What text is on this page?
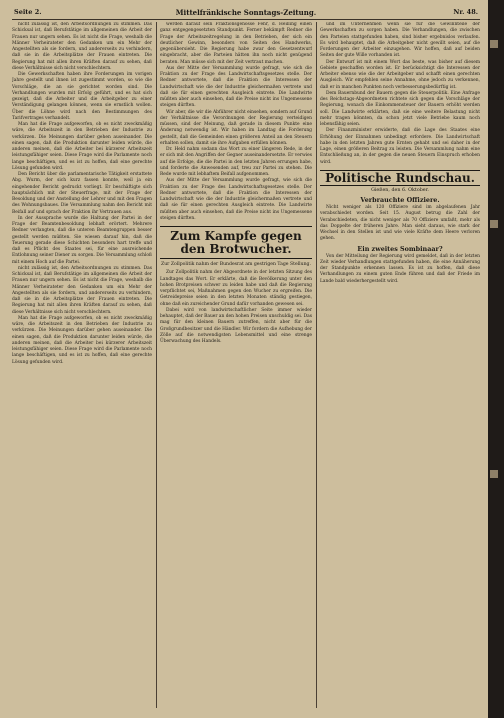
Seite 2.	Mittelfränkische Sonntags-Zeitung.	Nr. 48.

nicht zulässig ist, den Arbeitsordnungen zu stimmen. Das Schicksal ist, daß Berufstätige im allgemeinen die Arbeit der Frauen nur ungern sehen. Es ist nicht die Frage, weshalb die Männer Verheirateter den Gedanken um ein Mehr der Angestellten als sie fordern, und andererseits zu verhindern, daß sie in die Arbeitsplätze der Frauen eintreten. Die Regierung hat mit allen ihren Kräften darauf zu sehen, daß diese Verhältnisse sich nicht verschlechtern.

Die Gewerkschaften haben ihre Forderungen im vorigen Jahre gestellt und ihnen ist zugestimmt worden, so wie die Vorschläge, die an sie gerichtet worden sind. Die Verhandlungen wurden mit Erfolg geführt, und es hat sich gezeigt, daß die Arbeiter und die Arbeitgeber zu einer Verständigung gelangen können, wenn sie ernstlich wollen. Über die Löhne wird nach den Bestimmungen des Tarifvertrages verhandelt.

Man hat die Frage aufgeworfen, ob es nicht zweckmäßig wäre, die Arbeitszeit in den Betrieben der Industrie zu verkürzen. Die Meinungen darüber gehen auseinander. Die einen sagen, daß die Produktion darunter leiden würde, die anderen meinen, daß die Arbeiter bei kürzerer Arbeitszeit leistungsfähiger seien. Diese Frage wird die Parlamente noch lange beschäftigen, und es ist zu hoffen, daß eine gerechte Lösung gefunden wird.

Den Bericht über die parlamentarische Tätigkeit erstattete Abg. Wurm, der sich kurz fassen konnte, weil ja ein eingehender Bericht gedruckt vorliegt. Er beschäftigte sich hauptsächlich mit der Steuerfrage, mit der Frage der Besoldung und der Anstellung der Lehrer und mit den Fragen des Wohnungsbaues. Die Versammlung nahm den Bericht mit Beifall auf und sprach der Fraktion ihr Vertrauen aus.

In der Aussprache wurde die Haltung der Partei in der Frage der Beamtenbesoldung lebhaft erörtert. Mehrere Redner verlangten, daß die unteren Beamtengruppen besser gestellt werden müßten. Sie wiesen darauf hin, daß die Teuerung gerade diese Schichten besonders hart treffe und daß es Pflicht des Staates sei, für eine ausreichende Entlohnung seiner Diener zu sorgen. Die Versammlung schloß mit einem Hoch auf die Partei.

nicht zulässig ist, den Arbeitsordnungen zu stimmen. Das Schicksal ist, daß Berufstätige im allgemeinen die Arbeit der Frauen nur ungern sehen. Es ist nicht die Frage, weshalb die Männer Verheirateter den Gedanken um ein Mehr der Angestellten als sie fordern, und andererseits zu verhindern, daß sie in die Arbeitsplätze der Frauen eintreten. Die Regierung hat mit allen ihren Kräften darauf zu sehen, daß diese Verhältnisse sich nicht verschlechtern.

Man hat die Frage aufgeworfen, ob es nicht zweckmäßig wäre, die Arbeitszeit in den Betrieben der Industrie zu verkürzen. Die Meinungen darüber gehen auseinander. Die einen sagen, daß die Produktion darunter leiden würde, die anderen meinen, daß die Arbeiter bei kürzerer Arbeitszeit leistungsfähiger seien. Diese Frage wird die Parlamente noch lange beschäftigen, und es ist zu hoffen, daß eine gerechte Lösung gefunden wird.

werden darauf sein Fraktionsgenosse Fehr, d. Heilling einen ganz entgegengesetzten Standpunkt. Ferner bekämpft Redner die Frage der Arbeitszeitregelung in den Betrieben, der sich ein deutlicher Gewinn, besonders von Seiten des Handwerks, gegenübersieht. Die Regierung habe zwar den Gesetzentwurf eingebracht, aber die Parteien hätten ihn noch nicht genügend beraten. Man müsse sich mit der Zeit vertraut machen.

Aus der Mitte der Versammlung wurde gefragt, wie sich die Fraktion zu der Frage des Landwirtschaftsgesetzes stelle. Der Redner antwortete, daß die Fraktion die Interessen der Landwirtschaft wie die der Industrie gleichermaßen vertrete und daß sie für einen gerechten Ausgleich eintrete. Die Landwirte müßten aber auch einsehen, daß die Preise nicht ins Ungemessene steigen dürften.

Wir aber, die wir die Abführer nicht einsehen, sondern auf Grund der Verhältnisse die Verordnungen der Regierung verteidigen müssen, sind der Meinung, daß gerade in diesem Punkte eine Änderung notwendig ist. Wir haben im Landtag die Forderung gestellt, daß die Gemeinden einen größeren Anteil an den Steuern erhalten sollen, damit sie ihre Aufgaben erfüllen können.

Dr. Held nahm sodann das Wort zu einer längeren Rede, in der er sich mit den Angriffen der Gegner auseinandersetzte. Er verwies auf die Erfolge, die die Partei in den letzten Jahren errungen habe, und forderte die Anwesenden auf, treu zur Partei zu stehen. Die Rede wurde mit lebhaftem Beifall aufgenommen.

Aus der Mitte der Versammlung wurde gefragt, wie sich die Fraktion zu der Frage des Landwirtschaftsgesetzes stelle. Der Redner antwortete, daß die Fraktion die Interessen der Landwirtschaft wie die der Industrie gleichermaßen vertrete und daß sie für einen gerechten Ausgleich eintrete. Die Landwirte müßten aber auch einsehen, daß die Preise nicht ins Ungemessene steigen dürften.

Zum Kampfe gegen den Brotwucher.
Zur Zollpolitik nahm der Bundesrat am gestrigen Tage Stellung.

Zur Zollpolitik nahm der Abgeordnete in der letzten Sitzung des Landtages das Wort. Er erklärte, daß die Bevölkerung unter den hohen Brotpreisen schwer zu leiden habe und daß die Regierung verpflichtet sei, Maßnahmen gegen den Wucher zu ergreifen. Die Getreidepreise seien in den letzten Monaten ständig gestiegen, ohne daß ein zureichender Grund dafür vorhanden gewesen sei.

Dabei wird von landwirtschaftlicher Seite immer wieder behauptet, daß der Bauer an den hohen Preisen unschuldig sei. Das mag für den kleinen Bauern zutreffen, nicht aber für die Großgrundbesitzer und die Händler. Wir fordern die Aufhebung der Zölle auf die notwendigsten Lebensmittel und eine strenge Überwachung des Handels.

und im Unternehmen wenn sie für die Gewinnteile der Gewerkschaften zu sorgen haben. Die Verhandlungen, die zwischen den Parteien stattgefunden haben, sind bisher ergebnislos verlaufen. Es wird behauptet, daß die Arbeitgeber nicht gewillt seien, auf die Forderungen der Arbeiter einzugehen. Wir hoffen, daß auf beiden Seiten der gute Wille vorhanden ist.

Der Entwurf ist mit einem Wort das beste, was bisher auf diesem Gebiete geschaffen worden ist. Er berücksichtigt die Interessen der Arbeiter ebenso wie die der Arbeitgeber und schafft einen gerechten Ausgleich. Wir empfehlen seine Annahme, ohne jedoch zu verkennen, daß er in manchen Punkten noch verbesserungsbedürftig ist.

Dem Bauernbund der Bauern gegen die Steuerpolitik. Eine Anfrage des Reichstags-Abgeordneten richtete sich gegen die Vorschläge der Regierung, wonach die Einkommensteuer der Bauern erhöht werden soll. Die Landwirte erklärten, daß sie eine weitere Belastung nicht mehr tragen könnten, da schon jetzt viele Betriebe kaum noch lebensfähig seien.

Der Finanzminister erwiderte, daß die Lage des Staates eine Erhöhung der Einnahmen unbedingt erfordere. Die Landwirtschaft habe in den letzten Jahren gute Ernten gehabt und sei daher in der Lage, einen größeren Beitrag zu leisten. Die Versammlung nahm eine Entschließung an, in der gegen die neuen Steuern Einspruch erhoben wird.

Politische Rundschau.
Gießen, den 6. Oktober.
Verbrauchte Offiziere.

Nicht weniger als 120 Offiziere sind im abgelaufenen Jahr verabschiedet worden. Seit 15. August betrug die Zahl der Verabschiedeten, die nicht weniger als 70 Offiziere umfaßt, mehr als das Doppelte der früheren Jahre. Man sieht daraus, wie stark der Wechsel in den Stellen ist und wie viele Kräfte dem Heere verloren gehen.

Ein zweites Sombinaar?

Von der Mitteilung der Regierung wird gemeldet, daß in der letzten Zeit wieder Verhandlungen stattgefunden haben, die eine Annäherung der Standpunkte erkennen lassen. Es ist zu hoffen, daß diese Verhandlungen zu einem guten Ende führen und daß der Friede im Lande bald wiederhergestellt wird.
